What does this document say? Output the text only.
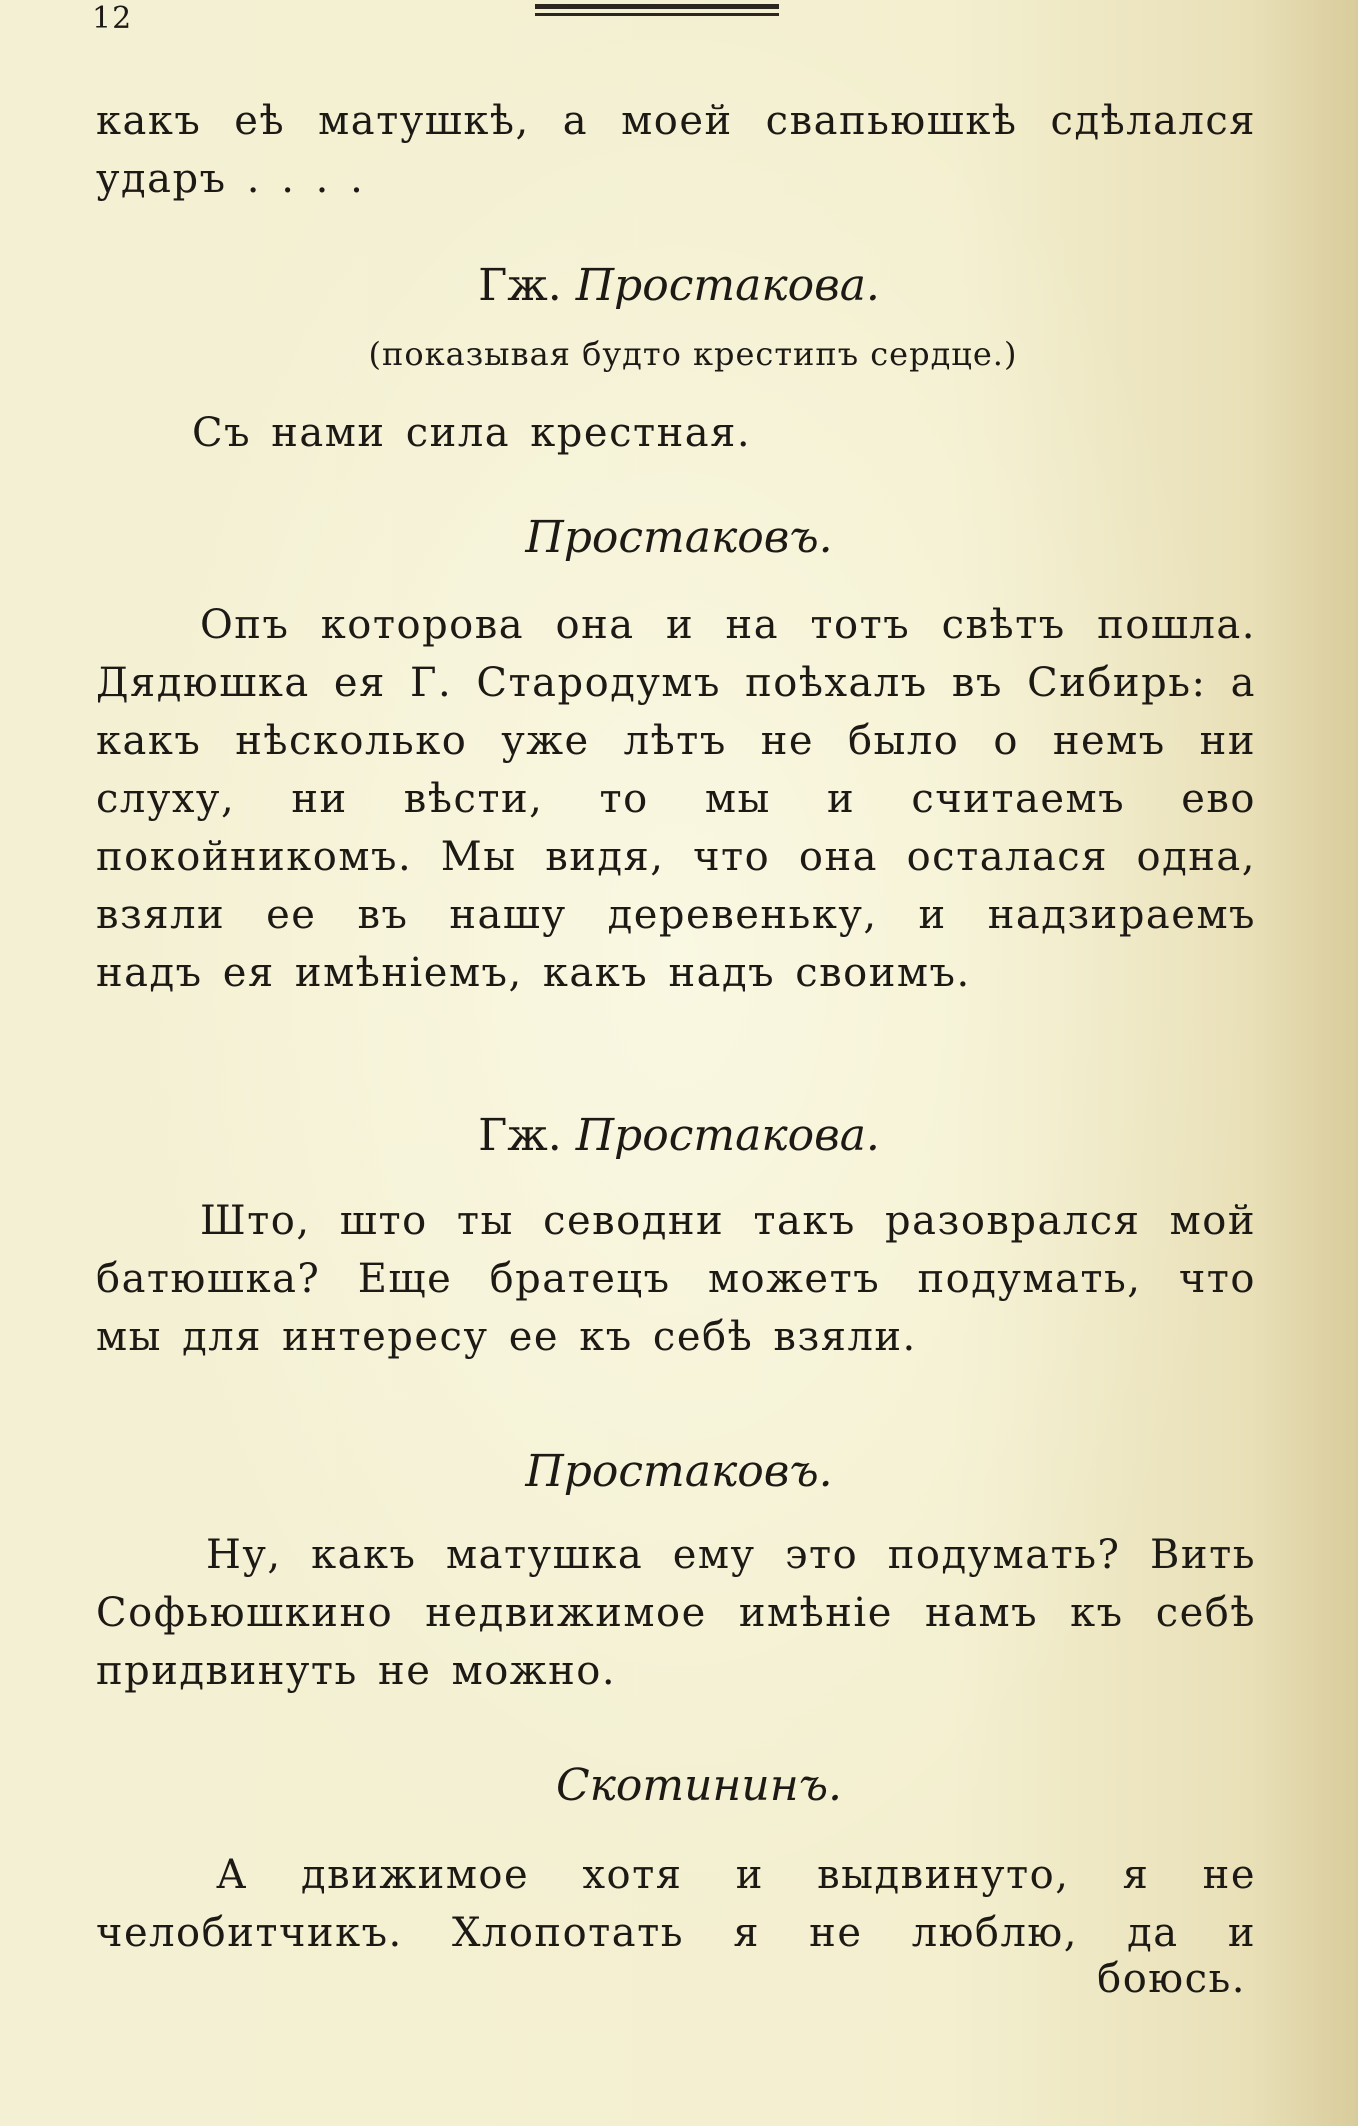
12

какъ eѣ матушкѣ, а моей свапьюшкѣ сдѣлался ударъ . . . .

Гж. Простакова.

(показывая будто крестипъ сердце.)

Съ нами сила крестная.

Простаковъ.

Опъ которова она и на тотъ свѣтъ пошла. Дядюшка ея Г. Стародумъ поѣхалъ въ Сибирь: а какъ нѣсколько уже лѣтъ не было о немъ ни слуху, ни вѣсти, то мы и считаемъ ево покойникомъ. Мы видя, что она осталася одна, взяли ее въ нашу деревеньку, и надзираемъ надъ ея имѣнiемъ, какъ надъ своимъ.

Гж. Простакова.

Што, што ты севодни такъ разоврался мой батюшка? Еще братецъ можетъ подумать, что мы для интересу ее къ себѣ взяли.

Простаковъ.

Ну, какъ матушка ему это подумать? Вить Софьюшкино недвижимое имѣнiе намъ къ себѣ придвинуть не можно.

Скотининъ.

А движимое хотя и выдвинуто, я не челобитчикъ. Хлопотать я не люблю, да и

боюсь.
